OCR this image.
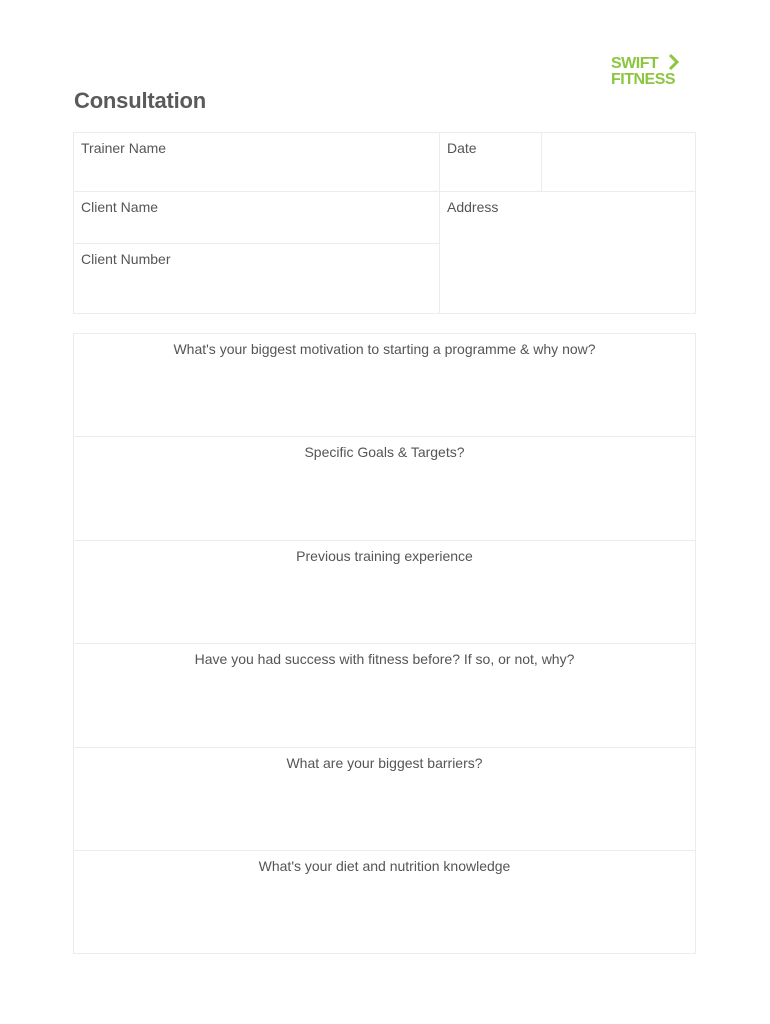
SWIFT
FITNESS
Consultation
Trainer Name	Date
Client Name	Address
Client Number
What's your biggest motivation to starting a programme & why now?
Specific Goals & Targets?
Previous training experience
Have you had success with fitness before? If so, or not, why?
What are your biggest barriers?
What's your diet and nutrition knowledge
